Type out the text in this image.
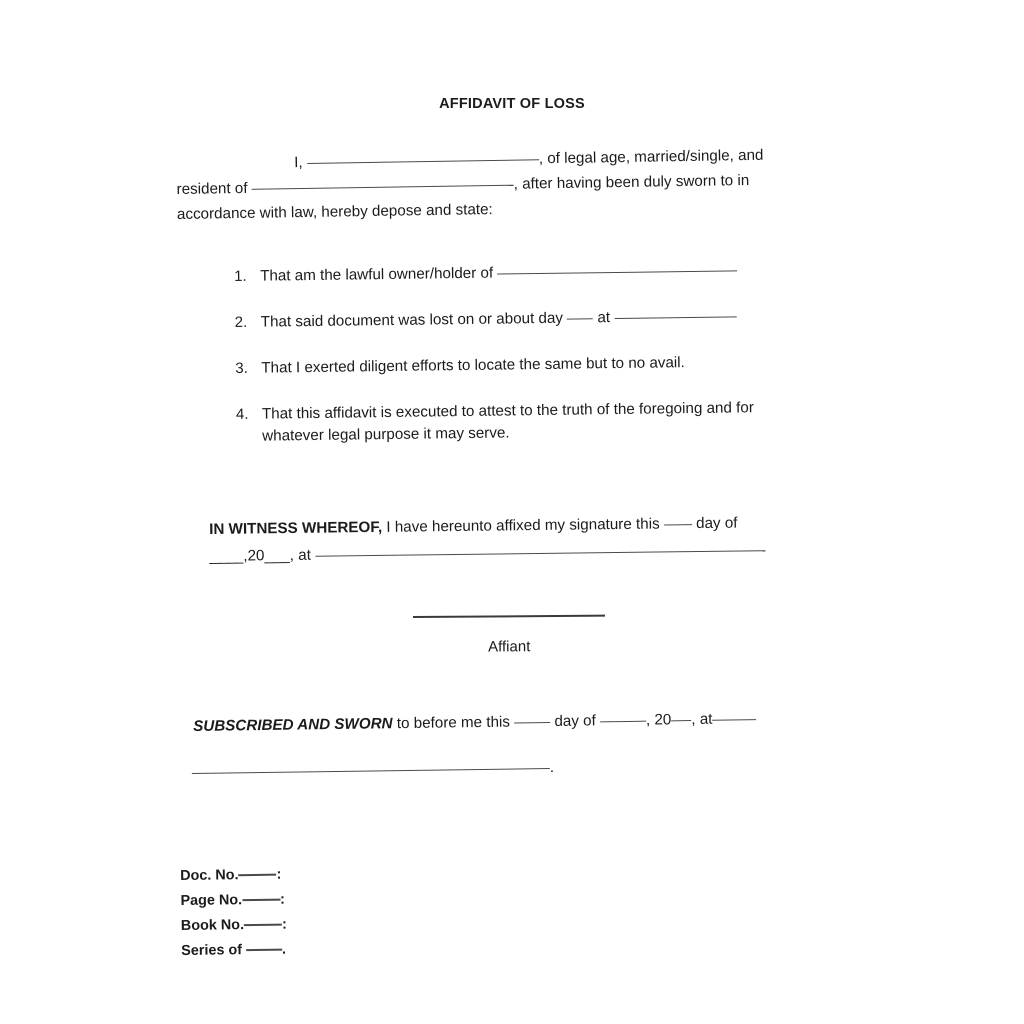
AFFIDAVIT OF LOSS
I,	, of legal age, married/single, and
resident of	, after having been duly sworn to in
accordance with law, hereby depose and state:
1. That am the lawful owner/holder of
2. That said document was lost on or about day at
3. That I exerted diligent efforts to locate the same but to no avail.
4. That this affidavit is executed to attest to the truth of the foregoing and for whatever legal purpose it may serve.
IN WITNESS WHEREOF, I have hereunto affixed my signature this day of
____,20___, at
Affiant
SUBSCRIBED AND SWORN to before me this	day of	, 20 , at
.
Doc. No.	:
Page No.	:
Book No.	:
Series of	.
